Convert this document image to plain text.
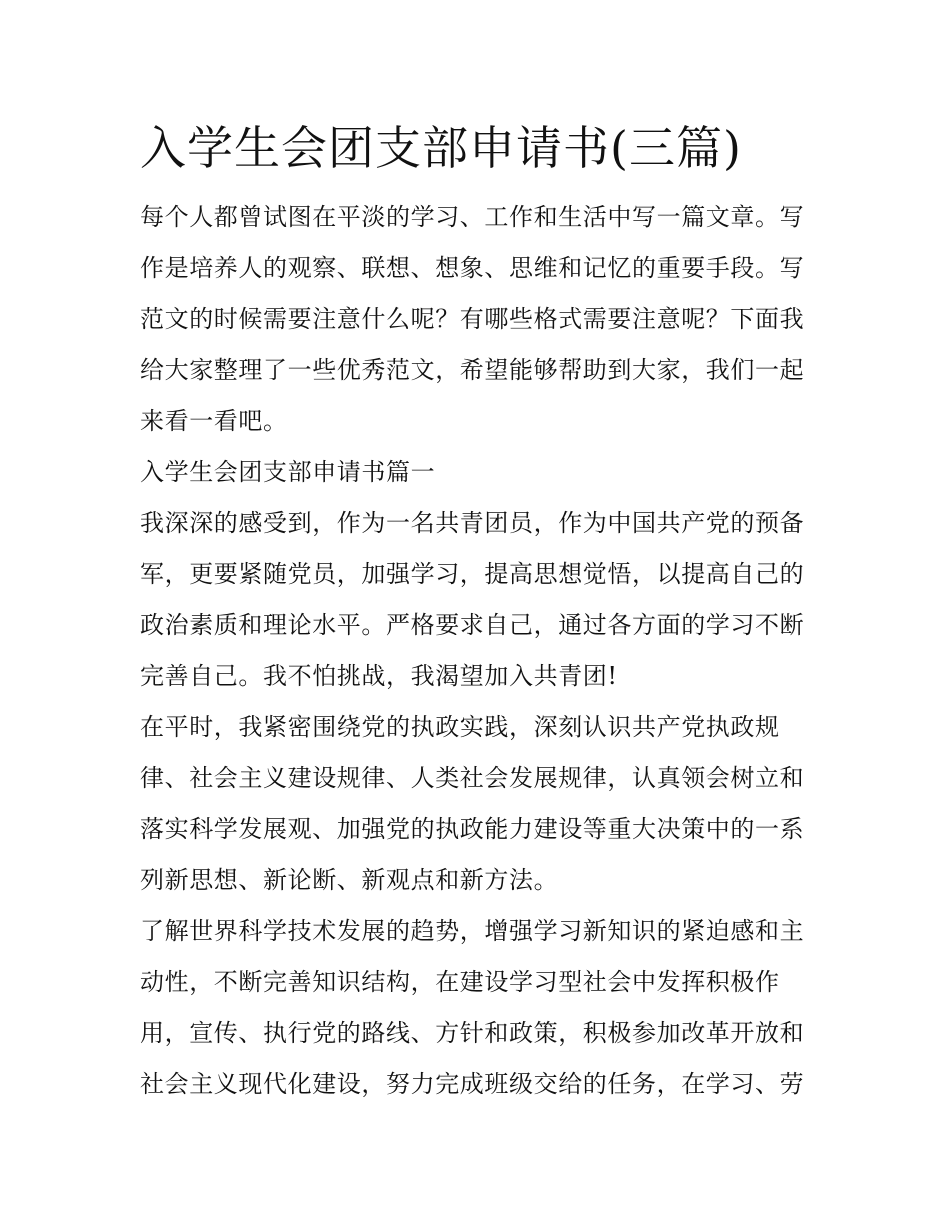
入学生会团支部申请书(三篇)

每个人都曾试图在平淡的学习、工作和生活中写一篇文章。写

作是培养人的观察、联想、想象、思维和记忆的重要手段。写

范文的时候需要注意什么呢？有哪些格式需要注意呢？下面我

给大家整理了一些优秀范文，希望能够帮助到大家，我们一起

来看一看吧。

入学生会团支部申请书篇一

我深深的感受到，作为一名共青团员，作为中国共产党的预备

军，更要紧随党员，加强学习，提高思想觉悟，以提高自己的

政治素质和理论水平。严格要求自己，通过各方面的学习不断

完善自己。我不怕挑战，我渴望加入共青团!

在平时，我紧密围绕党的执政实践，深刻认识共产党执政规

律、社会主义建设规律、人类社会发展规律，认真领会树立和

落实科学发展观、加强党的执政能力建设等重大决策中的一系

列新思想、新论断、新观点和新方法。

了解世界科学技术发展的趋势，增强学习新知识的紧迫感和主

动性，不断完善知识结构，在建设学习型社会中发挥积极作

用，宣传、执行党的路线、方针和政策，积极参加改革开放和

社会主义现代化建设，努力完成班级交给的任务，在学习、劳
